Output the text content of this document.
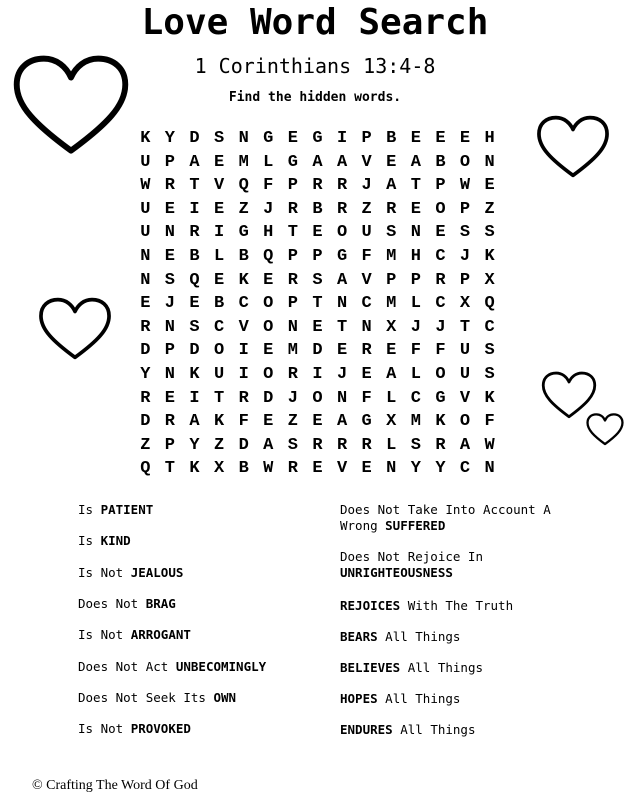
Love Word Search
1 Corinthians 13:4-8
Find the hidden words.
K Y D S N G E G I P B E E E H
U P A E M L G A A V E A B O N
W R T V Q F P R R J A T P W E
U E I E Z J R B R Z R E O P Z
U N R I G H T E O U S N E S S
N E B L B Q P P G F M H C J K
N S Q E K E R S A V P P R P X
E J E B C O P T N C M L C X Q
R N S C V O N E T N X J J T C
D P D O I E M D E R E F F U S
Y N K U I O R I J E A L O U S
R E I T R D J O N F L C G V K
D R A K F E Z E A G X M K O F
Z P Y Z D A S R R R L S R A W
Q T K X B W R E V E N Y Y C N
Is PATIENT
Is KIND
Is Not JEALOUS
Does Not BRAG
Is Not ARROGANT
Does Not Act UNBECOMINGLY
Does Not Seek Its OWN
Is Not PROVOKED
Does Not Take Into Account A
Wrong SUFFERED
Does Not Rejoice In
UNRIGHTEOUSNESS
REJOICES With The Truth
BEARS All Things
BELIEVES All Things
HOPES All Things
ENDURES All Things
© Crafting The Word Of God
